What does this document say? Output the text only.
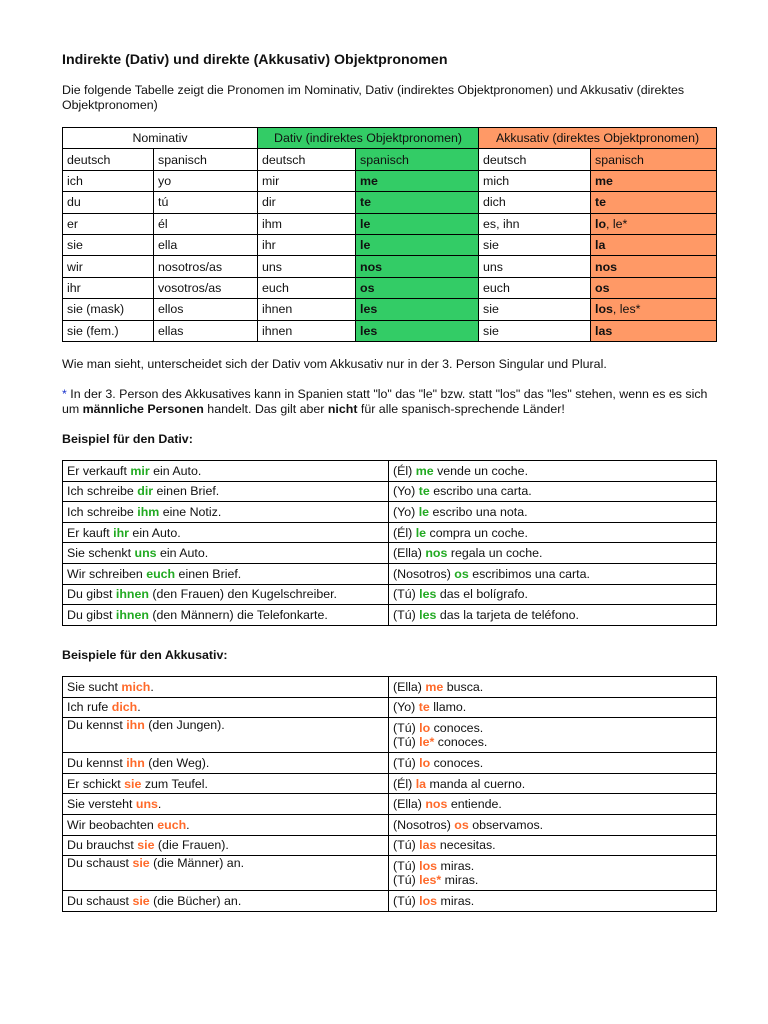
Indirekte (Dativ) und direkte (Akkusativ) Objektpronomen

Die folgende Tabelle zeigt die Pronomen im Nominativ, Dativ (indirektes Objektpronomen) und Akkusativ (direktes Objektpronomen)

Nominativ		Dativ (indirektes Objektpronomen)		Akkusativ (direktes Objektpronomen)	
deutsch	spanisch	deutsch	spanisch	deutsch	spanisch
ich	yo	mir	me	mich	me
du	tú	dir	te	dich	te
er	él	ihm	le	es, ihn	lo, le*
sie	ella	ihr	le	sie	la
wir	nosotros/as	uns	nos	uns	nos
ihr	vosotros/as	euch	os	euch	os
sie (mask)	ellos	ihnen	les	sie	los, les*
sie (fem.)	ellas	ihnen	les	sie	las

Wie man sieht, unterscheidet sich der Dativ vom Akkusativ nur in der 3. Person Singular und Plural.

* In der 3. Person des Akkusatives kann in Spanien statt "lo" das "le" bzw. statt "los" das "les" stehen, wenn es es sich um männliche Personen handelt. Das gilt aber nicht für alle spanisch-sprechende Länder!

Beispiel für den Dativ:

Er verkauft mir ein Auto.	(Él) me vende un coche.

Ich schreibe dir einen Brief.	(Yo) te escribo una carta.

Ich schreibe ihm eine Notiz.	(Yo) le escribo una nota.

Er kauft ihr ein Auto.	(Él) le compra un coche.

Sie schenkt uns ein Auto.	(Ella) nos regala un coche.

Wir schreiben euch einen Brief.	(Nosotros) os escribimos una carta.

Du gibst ihnen (den Frauen) den Kugelschreiber.	(Tú) les das el bolígrafo.

Du gibst ihnen (den Männern) die Telefonkarte.	(Tú) les das la tarjeta de teléfono.

Beispiele für den Akkusativ:

Sie sucht mich.	(Ella) me busca.

Ich rufe dich.	(Yo) te llamo.

Du kennst ihn (den Jungen).	(Tú) lo conoces.
(Tú) le* conoces.

Du kennst ihn (den Weg).	(Tú) lo conoces.

Er schickt sie zum Teufel.	(Él) la manda al cuerno.

Sie versteht uns.	(Ella) nos entiende.

Wir beobachten euch.	(Nosotros) os observamos.

Du brauchst sie (die Frauen).	(Tú) las necesitas.

Du schaust sie (die Männer) an.	(Tú) los miras.
(Tú) les* miras.

Du schaust sie (die Bücher) an.	(Tú) los miras.
